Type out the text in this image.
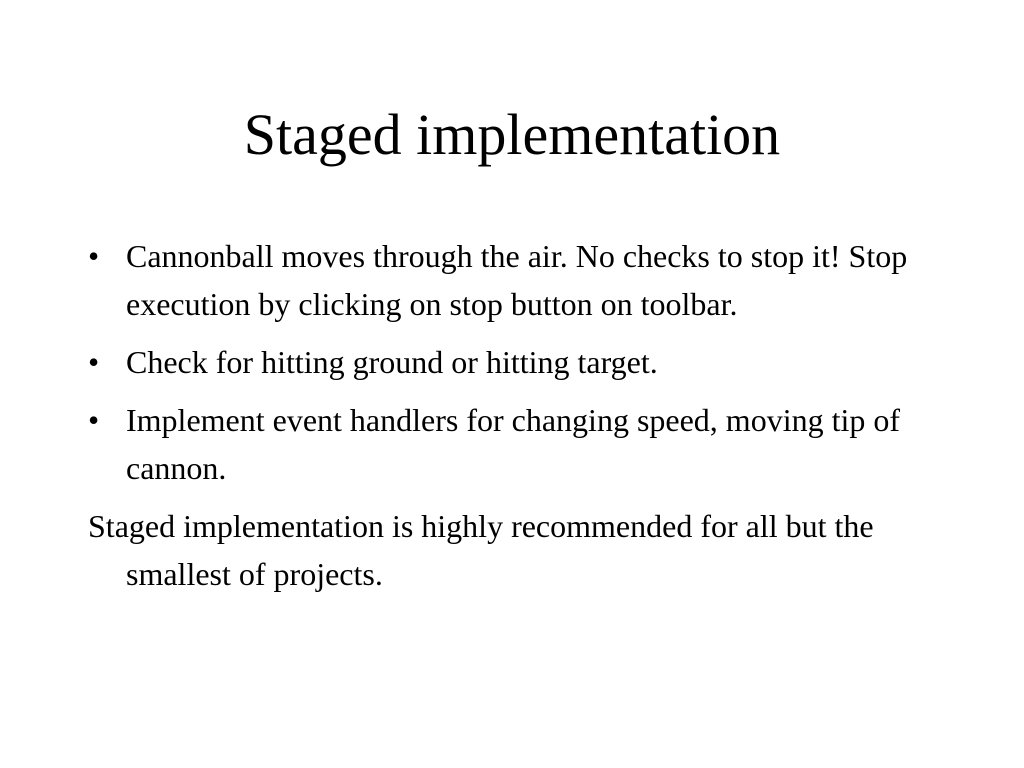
Staged implementation
• Cannonball moves through the air. No checks to stop it! Stop execution by clicking on stop button on toolbar.
• Check for hitting ground or hitting target.
• Implement event handlers for changing speed, moving tip of cannon.
Staged implementation is highly recommended for all but the smallest of projects.
